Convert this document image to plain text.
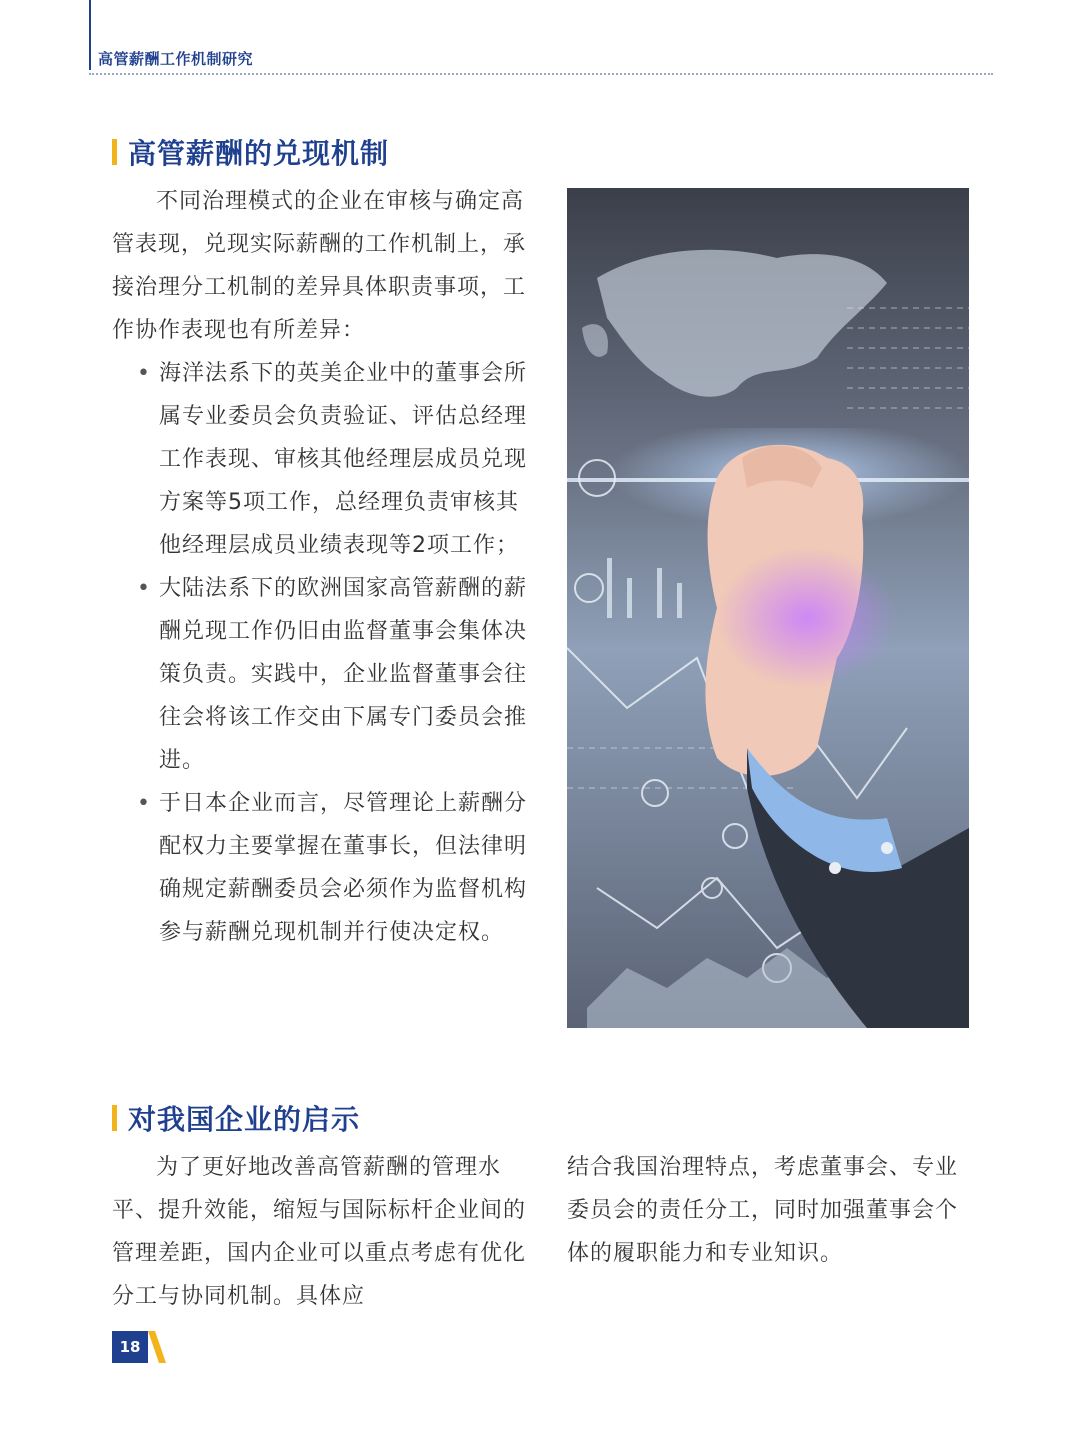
高管薪酬工作机制研究
高管薪酬的兑现机制

不同治理模式的企业在审核与确定高管表现，兑现实际薪酬的工作机制上，承接治理分工机制的差异具体职责事项，工作协作表现也有所差异：

• 海洋法系下的英美企业中的董事会所属专业委员会负责验证、评估总经理工作表现、审核其他经理层成员兑现方案等5项工作，总经理负责审核其他经理层成员业绩表现等2项工作；
• 大陆法系下的欧洲国家高管薪酬的薪酬兑现工作仍旧由监督董事会集体决策负责。实践中，企业监督董事会往往会将该工作交由下属专门委员会推进。
• 于日本企业而言，尽管理论上薪酬分配权力主要掌握在董事长，但法律明确规定薪酬委员会必须作为监督机构参与薪酬兑现机制并行使决定权。
对我国企业的启示

为了更好地改善高管薪酬的管理水平、提升效能，缩短与国际标杆企业间的管理差距，国内企业可以重点考虑有优化分工与协同机制。具体应

结合我国治理特点，考虑董事会、专业委员会的责任分工，同时加强董事会个体的履职能力和专业知识。

18
